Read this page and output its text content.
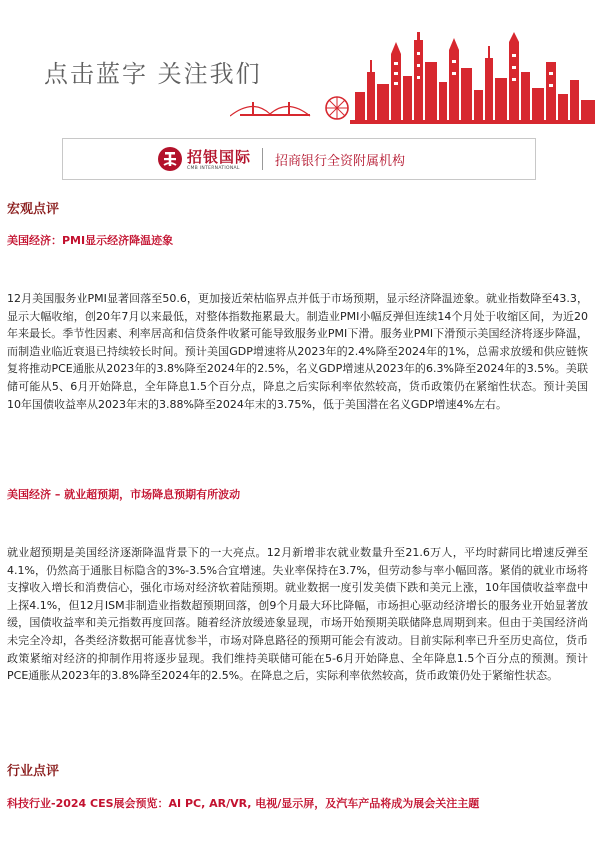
点击蓝字 关注我们
招银国际
CMB INTERNATIONAL	招商银行全资附属机构
宏观点评
美国经济：PMI显示经济降温迹象

12月美国服务业PMI显著回落至50.6，更加接近荣枯临界点并低于市场预期，显示经济降温迹象。就业指数降至43.3，显示大幅收缩，创20年7月以来最低，对整体指数拖累最大。制造业PMI小幅反弹但连续14个月处于收缩区间，为近20年来最长。季节性因素、利率居高和信贷条件收紧可能导致服务业PMI下滑。服务业PMI下滑预示美国经济将逐步降温，而制造业临近衰退已持续较长时间。预计美国GDP增速将从2023年的2.4%降至2024年的1%，总需求放缓和供应链恢复将推动PCE通胀从2023年的3.8%降至2024年的2.5%，名义GDP增速从2023年的6.3%降至2024年的3.5%。美联储可能从5、6月开始降息，全年降息1.5个百分点，降息之后实际利率依然较高，货币政策仍在紧缩性状态。预计美国10年国债收益率从2023年末的3.88%降至2024年末的3.75%，低于美国潜在名义GDP增速4%左右。

美国经济 – 就业超预期，市场降息预期有所波动

就业超预期是美国经济逐渐降温背景下的一大亮点。12月新增非农就业数量升至21.6万人，平均时薪同比增速反弹至4.1%，仍然高于通胀目标隐含的3%-3.5%合宜增速。失业率保持在3.7%，但劳动参与率小幅回落。紧俏的就业市场将支撑收入增长和消费信心，强化市场对经济软着陆预期。就业数据一度引发美债下跌和美元上涨，10年国债收益率盘中上探4.1%，但12月ISM非制造业指数超预期回落，创9个月最大环比降幅，市场担心驱动经济增长的服务业开始显著放缓，国债收益率和美元指数再度回落。随着经济放缓迹象显现，市场开始预期美联储降息周期到来。但由于美国经济尚未完全冷却，各类经济数据可能喜忧参半，市场对降息路径的预期可能会有波动。目前实际利率已升至历史高位，货币政策紧缩对经济的抑制作用将逐步显现。我们维持美联储可能在5-6月开始降息、全年降息1.5个百分点的预测。预计PCE通胀从2023年的3.8%降至2024年的2.5%。在降息之后，实际利率依然较高，货币政策仍处于紧缩性状态。

行业点评
科技行业-2024 CES展会预览：AI PC, AR/VR, 电视/显示屏，及汽车产品将成为展会关注主题
